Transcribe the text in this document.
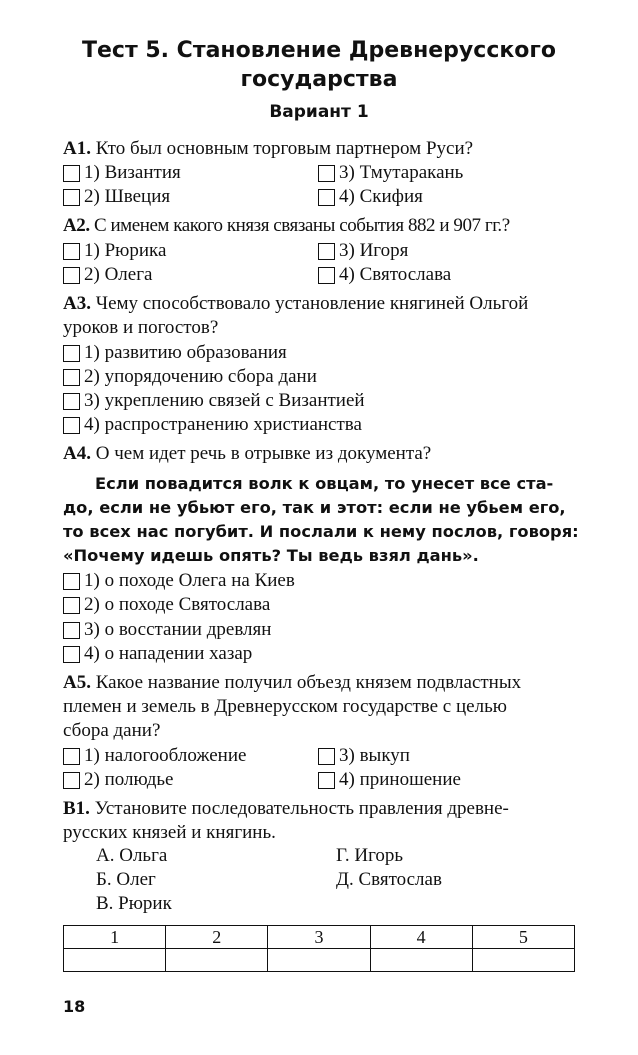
Тест 5. Становление Древнерусского государства
Вариант 1
А1. Кто был основным торговым партнером Руси?
1) Византия	3) Тмутаракань
2) Швеция	4) Скифия
А2. С именем какого князя связаны события 882 и 907 гг.?
1) Рюрика	3) Игоря
2) Олега	4) Святослава
А3. Чему способствовало установление княгиней Ольгой
уроков и погостов?
1) развитию образования
2) упорядочению сбора дани
3) укреплению связей с Византией
4) распространению христианства
А4. О чем идет речь в отрывке из документа?

Если повадится волк к овцам, то унесет все ста-

до, если не убьют его, так и этот: если не убьем его,

то всех нас погубит. И послали к нему послов, говоря:

«Почему идешь опять? Ты ведь взял дань».

1) о походе Олега на Киев
2) о походе Святослава
3) о восстании древлян
4) о нападении хазар
А5. Какое название получил объезд князем подвластных
племен и земель в Древнерусском государстве с целью
сбора дани?
1) налогообложение	3) выкуп
2) полюдье	4) приношение
В1. Установите последовательность правления древне-
русских князей и княгинь.
А. Ольга	Г. Игорь
Б. Олег	Д. Святослав
В. Рюрик
1	2	3	4	5

18
